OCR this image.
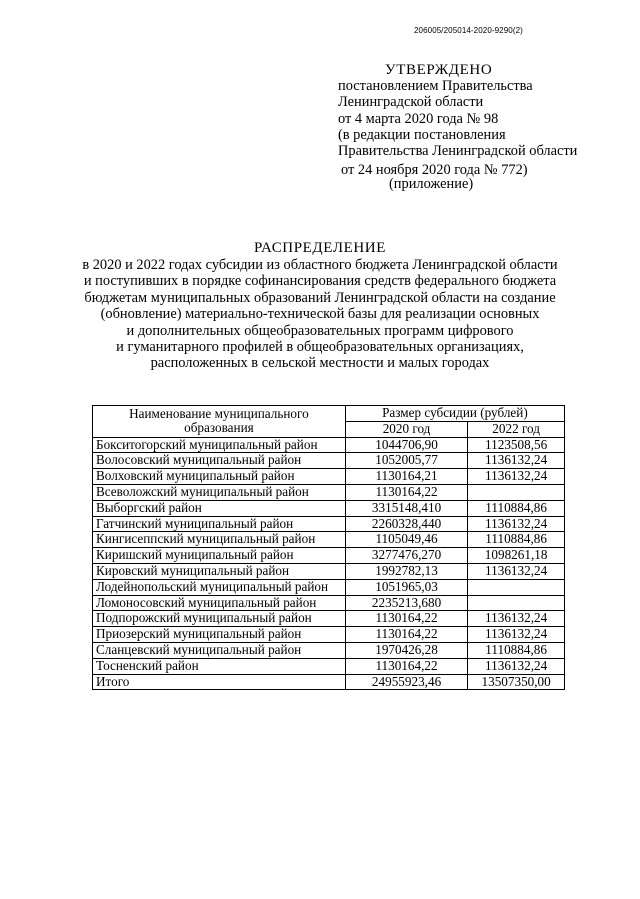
206005/205014-2020-9290(2)
УТВЕРЖДЕНО
постановлением Правительства
Ленинградской области
от 4 марта 2020 года № 98
(в редакции постановления
Правительства Ленинградской области
от 24 ноября 2020 года № 772)
(приложение)
РАСПРЕДЕЛЕНИЕ
в 2020 и 2022 годах субсидии из областного бюджета Ленинградской области
и поступивших в порядке софинансирования средств федерального бюджета
бюджетам муниципальных образований Ленинградской области на создание
(обновление) материально-технической базы для реализации основных
и дополнительных общеобразовательных программ цифрового
и гуманитарного профилей в общеобразовательных организациях,
расположенных в сельской местности и малых городах
Наименование муниципального образования	Размер субсидии (рублей)	
	2020 год	2022 год
Бокситогорский муниципальный район	1044706,90	1123508,56
Волосовский муниципальный район	1052005,77	1136132,24
Волховский муниципальный район	1130164,21	1136132,24
Всеволожский муниципальный район	1130164,22	
Выборгский район	3315148,410	1110884,86
Гатчинский муниципальный район	2260328,440	1136132,24
Кингисеппский муниципальный район	1105049,46	1110884,86
Киришский муниципальный район	3277476,270	1098261,18
Кировский муниципальный район	1992782,13	1136132,24
Лодейнопольский муниципальный район	1051965,03	
Ломоносовский муниципальный район	2235213,680	
Подпорожский муниципальный район	1130164,22	1136132,24
Приозерский муниципальный район	1130164,22	1136132,24
Сланцевский муниципальный район	1970426,28	1110884,86
Тосненский район	1130164,22	1136132,24
Итого	24955923,46	13507350,00
